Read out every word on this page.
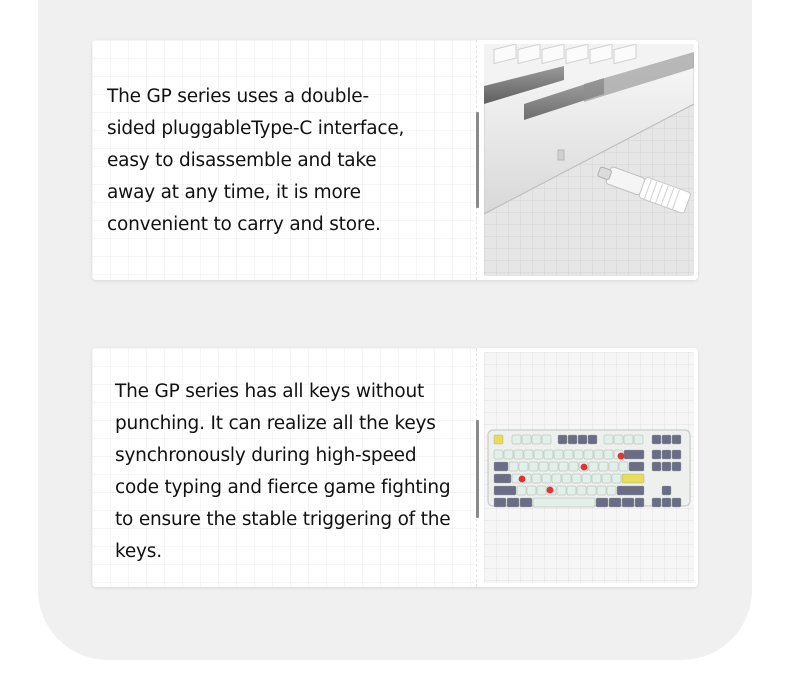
The GP series uses a double-sided pluggableType-C interface, easy to disassemble and take away at any time, it is more convenient to carry and store.

The GP series has all keys without punching. It can realize all the keys synchronously during high-speed code typing and fierce game fighting to ensure the stable triggering of the keys.
